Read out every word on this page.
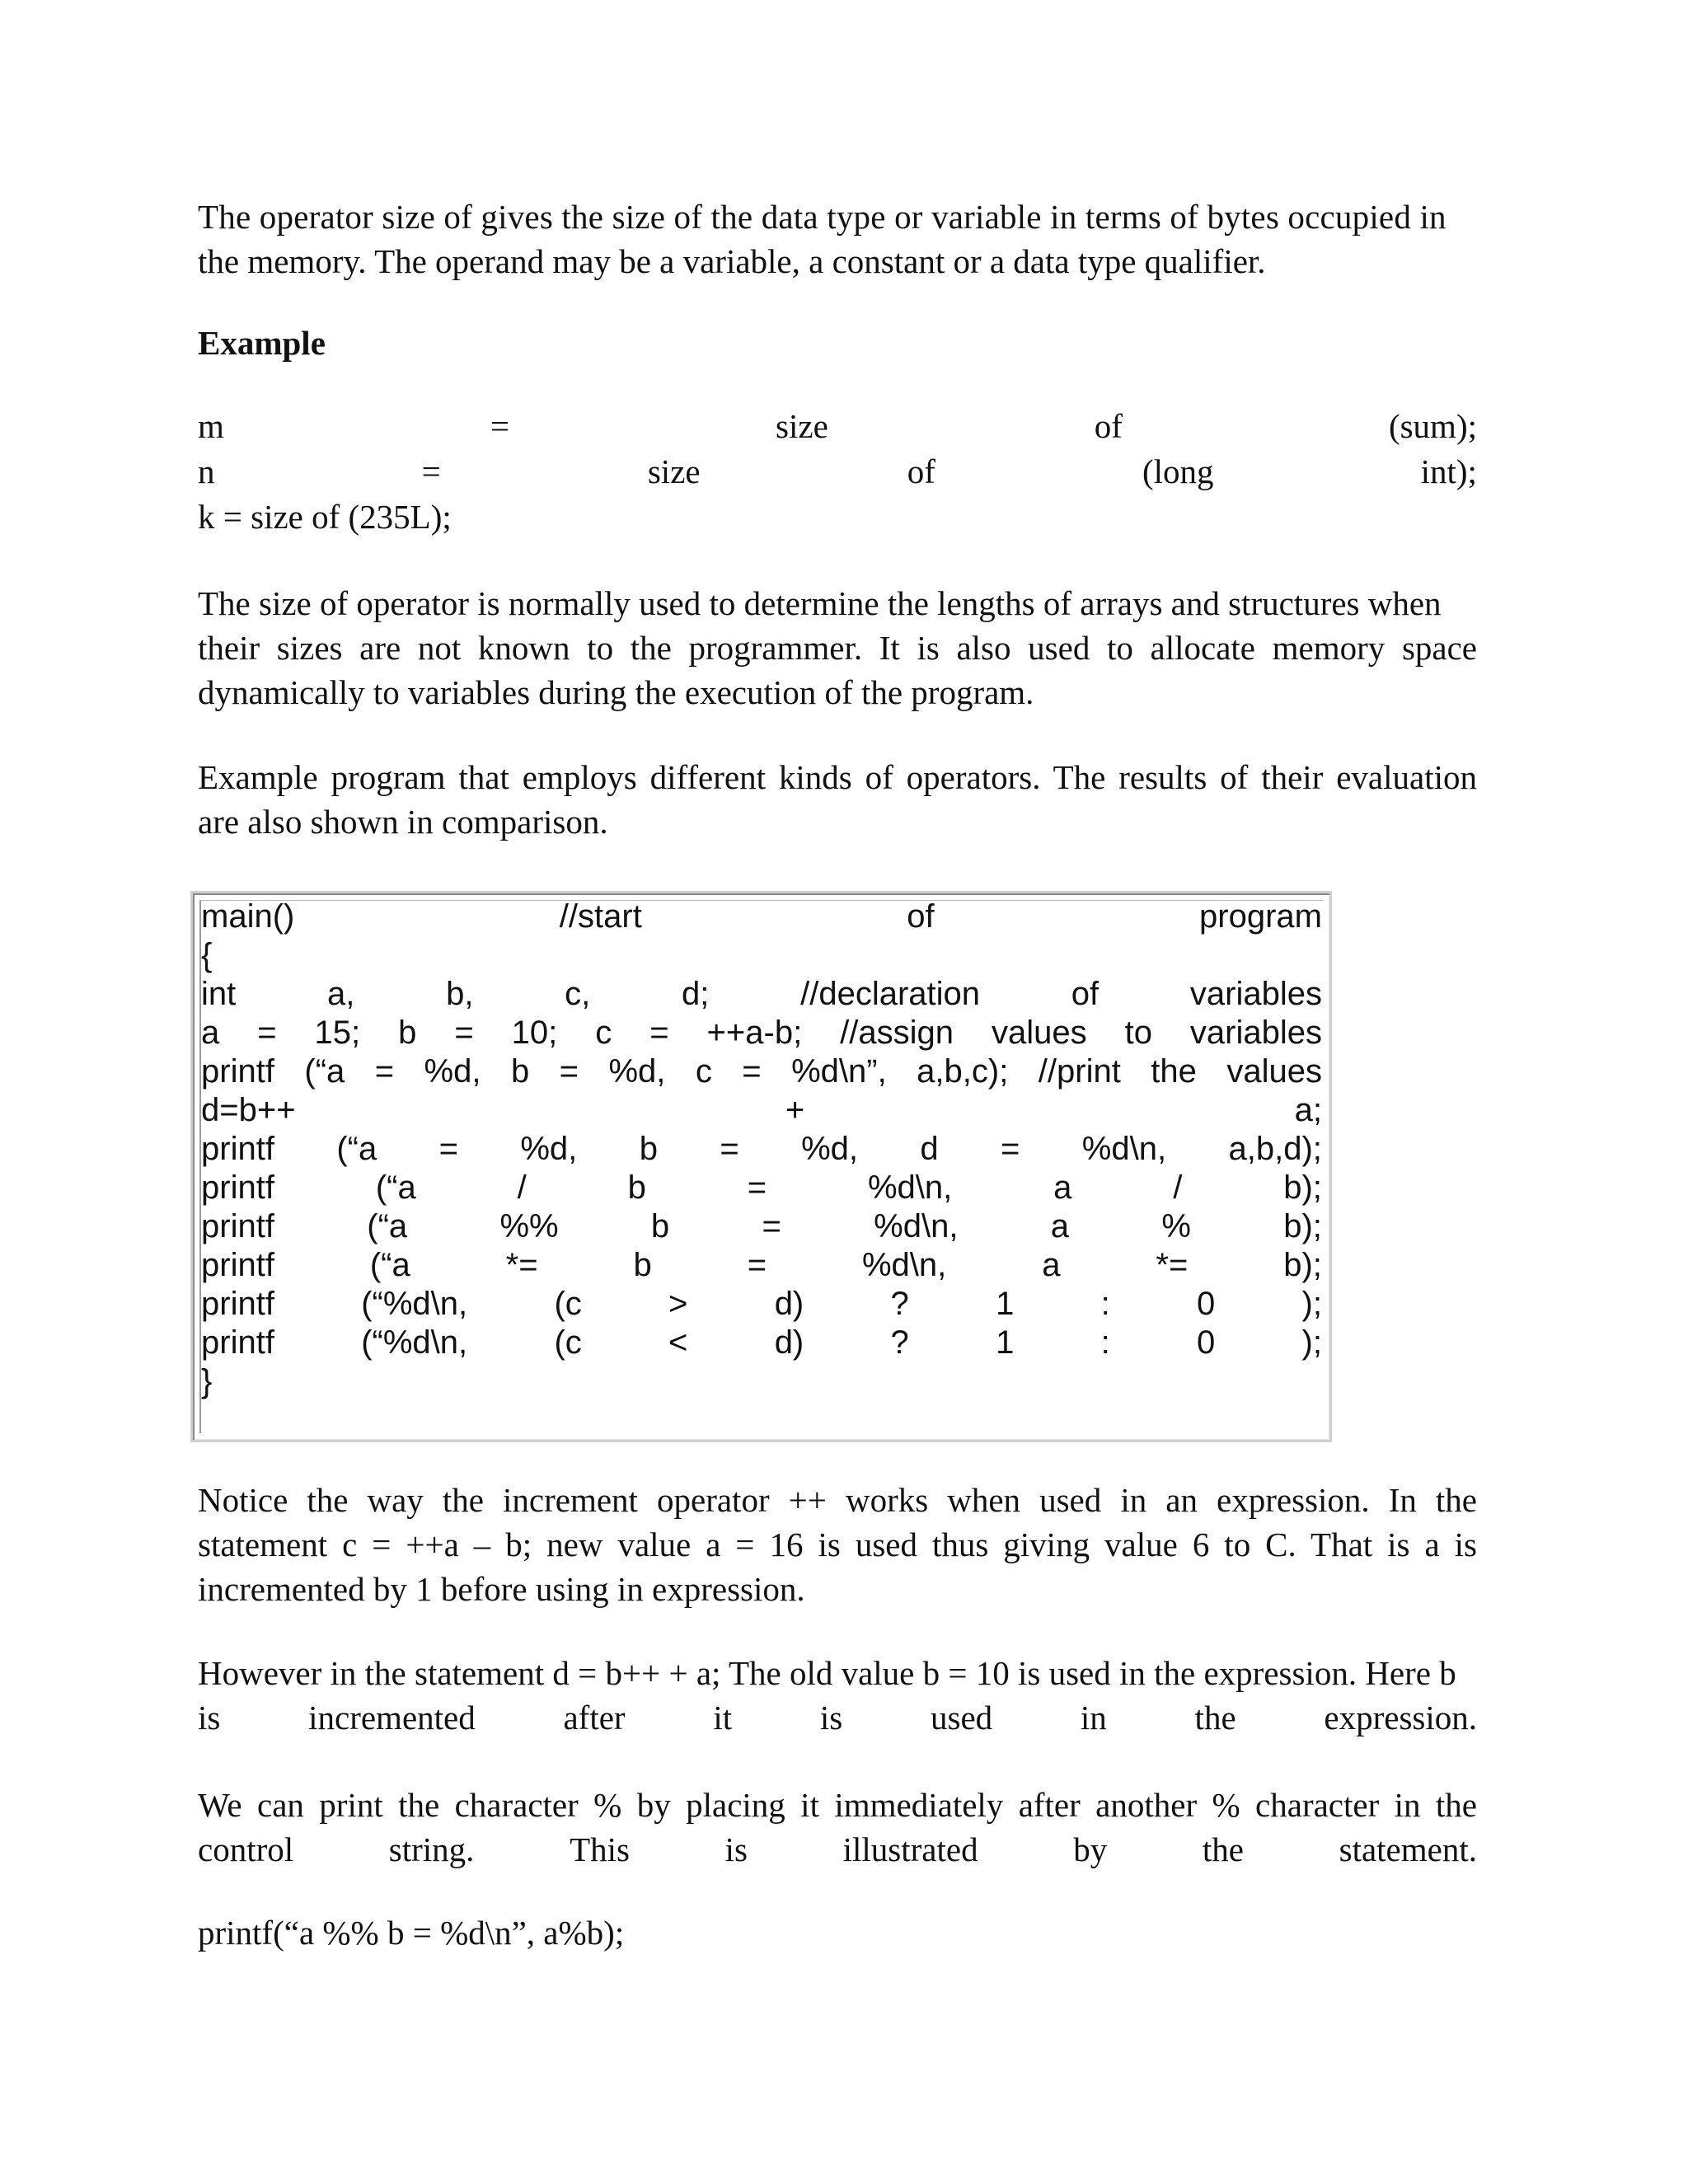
The operator size of gives the size of the data type or variable in terms of bytes occupied in
the memory. The operand may be a variable, a constant or a data type qualifier.
Example
m	=	size	of	(sum);
n	=	size	of	(long	int);
k = size of (235L);
The size of operator is normally used to determine the lengths of arrays and structures when
their sizes are not known to the programmer. It is also used to allocate memory space
dynamically to variables during the execution of the program.
Example program that employs different kinds of operators. The results of their evaluation
are also shown in comparison.
main()	//start	of	program
{
int	a,	b,	c,	d;	//declaration	of	variables
a = 15; b = 10; c = ++a-b; //assign values to variables
printf (“a = %d, b = %d, c = %d\n”, a,b,c); //print the values
d=b++	+	a;
printf (“a = %d, b = %d, d = %d\n, a,b,d);
printf	(“a	/	b	=	%d\n,	a	/	b);
printf	(“a	%%	b	=	%d\n,	a	%	b);
printf	(“a	*=	b	=	%d\n,	a	*=	b);
printf	(“%d\n,	(c	>	d)	?	1	:	0	);
printf	(“%d\n,	(c	<	d)	?	1	:	0	);
}
Notice the way the increment operator ++ works when used in an expression. In the
statement c = ++a – b; new value a = 16 is used thus giving value 6 to C. That is a is
incremented by 1 before using in expression.
However in the statement d = b++ + a; The old value b = 10 is used in the expression. Here b
is	incremented	after	it	is	used	in	the	expression.
We can print the character % by placing it immediately after another % character in the
control	string.	This	is	illustrated	by	the	statement.
printf(“a %% b = %d\n”, a%b);
